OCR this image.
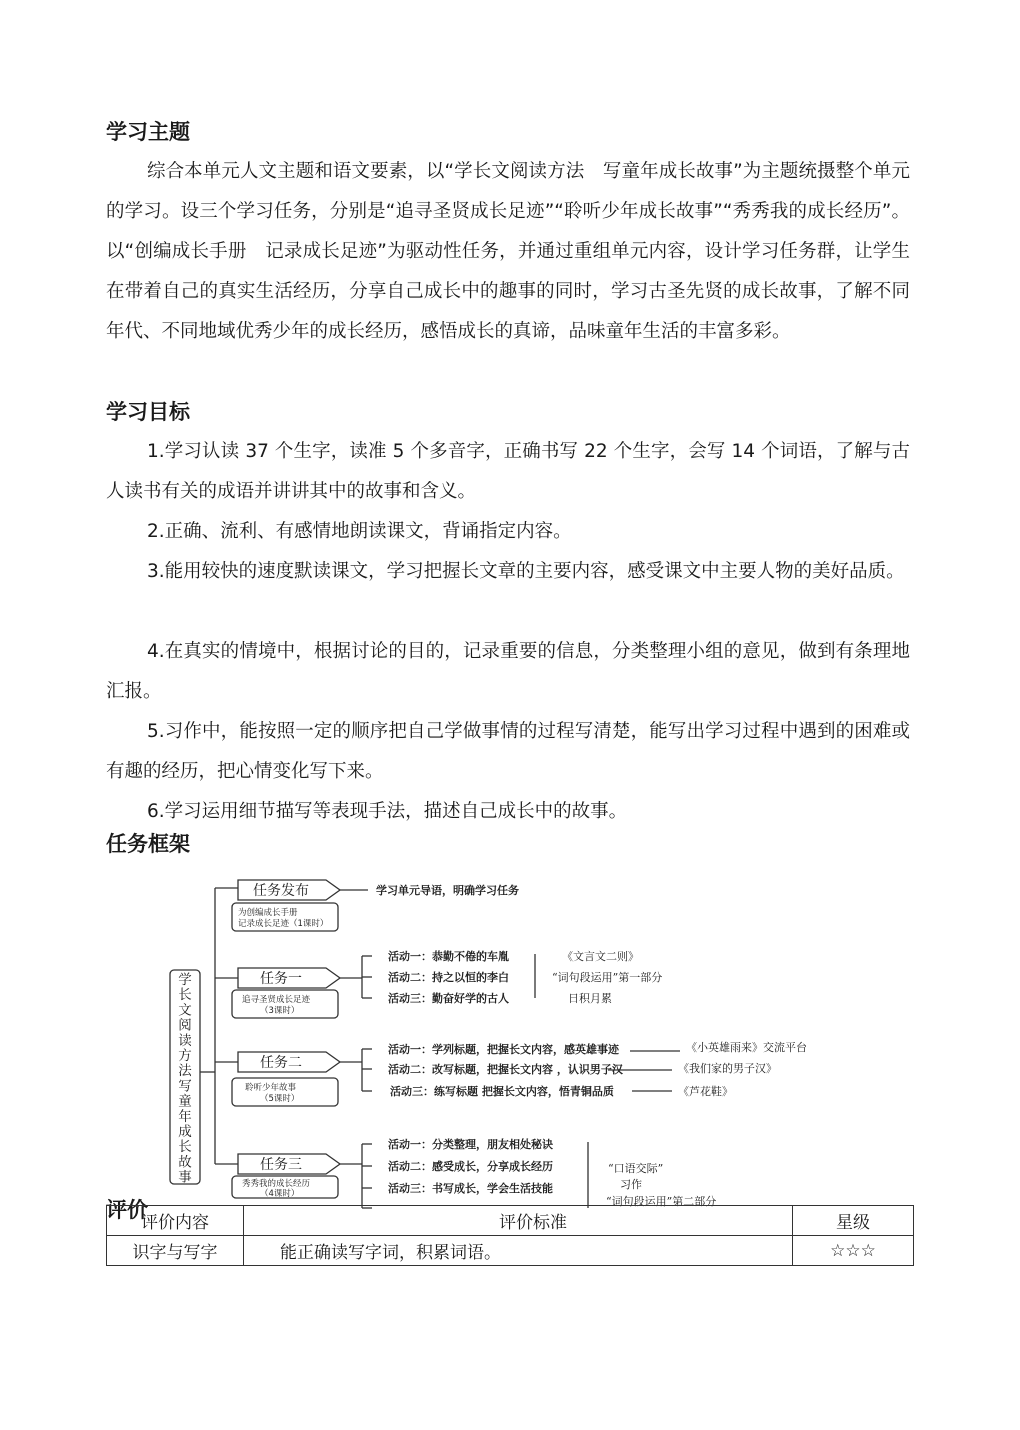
学习主题

综合本单元人文主题和语文要素，以“学长文阅读方法　写童年成长故事”为主题统摄整个单元的学习。设三个学习任务，分别是“追寻圣贤成长足迹”“聆听少年成长故事”“秀秀我的成长经历”。以“创编成长手册　记录成长足迹”为驱动性任务，并通过重组单元内容，设计学习任务群，让学生在带着自己的真实生活经历，分享自己成长中的趣事的同时，学习古圣先贤的成长故事，了解不同年代、不同地域优秀少年的成长经历，感悟成长的真谛，品味童年生活的丰富多彩。

学习目标

1.学习认读 37 个生字，读准 5 个多音字，正确书写 22 个生字，会写 14 个词语，了解与古人读书有关的成语并讲讲其中的故事和含义。

2.正确、流利、有感情地朗读课文，背诵指定内容。

3.能用较快的速度默读课文，学习把握长文章的主要内容，感受课文中主要人物的美好品质。

4.在真实的情境中，根据讨论的目的，记录重要的信息，分类整理小组的意见，做到有条理地汇报。

5.习作中，能按照一定的顺序把自己学做事情的过程写清楚，能写出学习过程中遇到的困难或有趣的经历，把心情变化写下来。

6.学习运用细节描写等表现手法，描述自己成长中的故事。

任务框架
学
长
文
阅
读
方
法
写
童
年
成
长
故
事
任务发布
为创编成长手册
记录成长足迹（1课时）
学习单元导语，明确学习任务
任务一
追寻圣贤成长足迹
（3课时）
活动一：恭勤不倦的车胤
活动二：持之以恒的李白
活动三：勤奋好学的古人
《文言文二则》
“词句段运用”第一部分
日积月累
任务二
聆听少年故事
（5课时）
活动一：学列标题，把握长文内容，感英雄事迹
活动二：改写标题，把握长文内容 ，认识男子汉
活动三：练写标题 把握长文内容，悟青铜品质
《小英雄雨来》交流平台
《我们家的男子汉》
《芦花鞋》
任务三
秀秀我的成长经历
（4课时）
活动一：分类整理，朋友相处秘诀
活动二：感受成长，分享成长经历
活动三：书写成长，学会生活技能
“口语交际”
习作
“词句段运用”第二部分
评价
评价内容	评价标准	星级
识字与写字	能正确读写字词，积累词语。	☆☆☆
